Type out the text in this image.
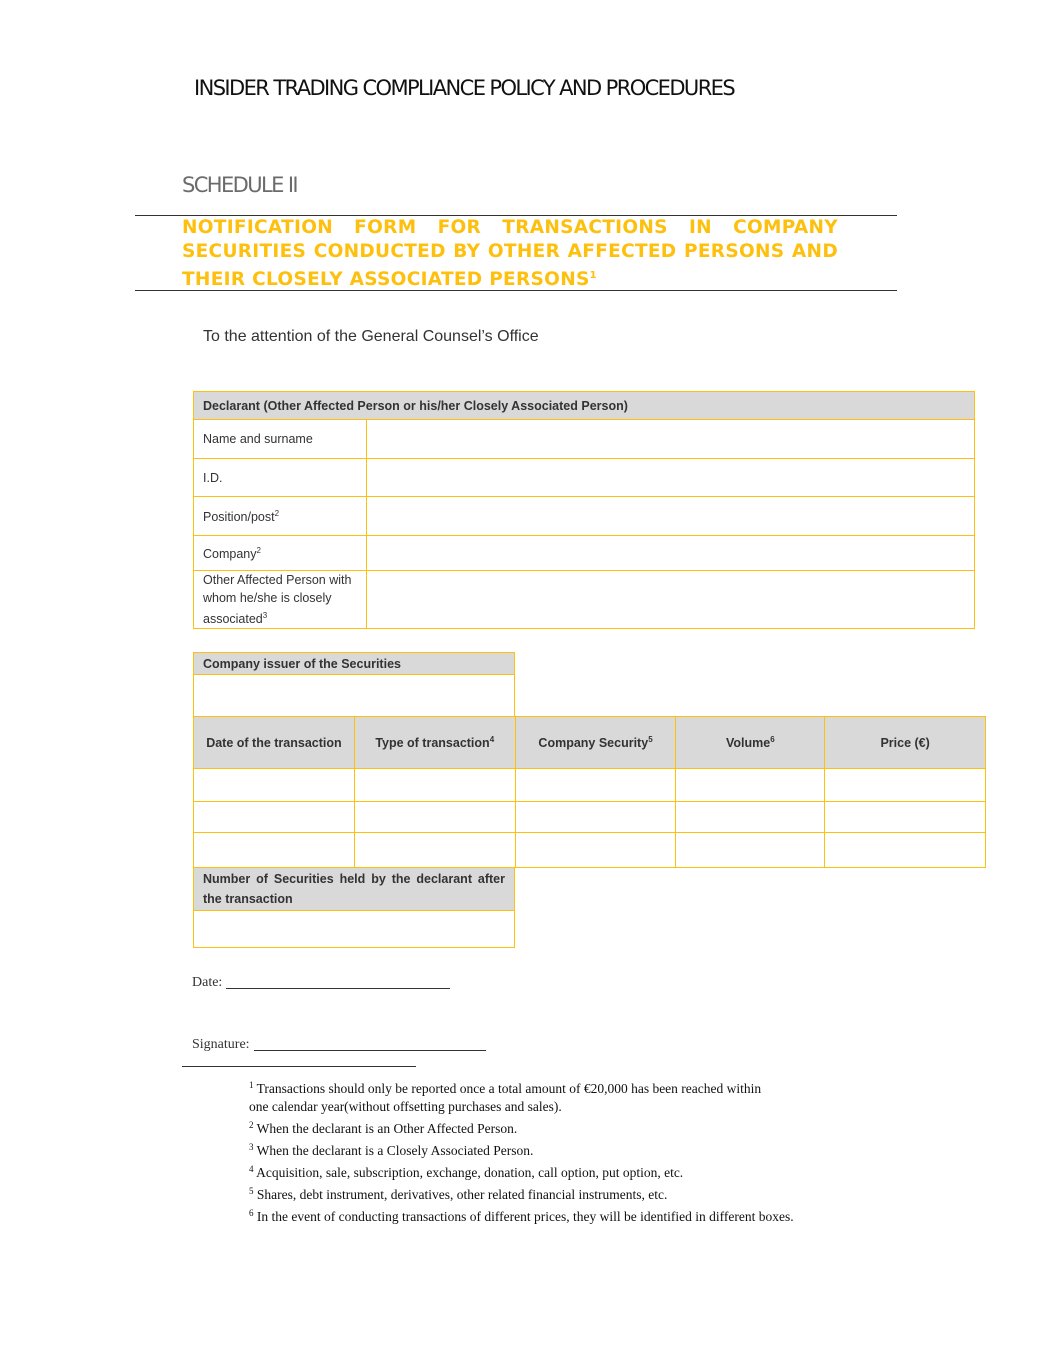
INSIDER TRADING COMPLIANCE POLICY AND PROCEDURES
SCHEDULE II
NOTIFICATION FORM FOR TRANSACTIONS IN COMPANY
SECURITIES CONDUCTED BY OTHER AFFECTED PERSONS AND
THEIR CLOSELY ASSOCIATED PERSONS$^1$
To the attention of the General Counsel’s Office
Declarant (Other Affected Person or his/her Closely Associated Person)	
Name and surname	
I.D.	
Position/post$^2$	
Company$^2$	
Other Affected Person with whom he/she is closely associated$^3$	
Company issuer of the Securities

Date of the transaction	Type of transaction$^4$	Company Security$^5$	Volume$^6$	Price (€)

Number of Securities held by the declarant after the transaction

Date:
Signature:
$^1$ Transactions should only be reported once a total amount of €20,000 has been reached within
one calendar year(without offsetting purchases and sales).
$^2$ When the declarant is an Other Affected Person.
$^3$ When the declarant is a Closely Associated Person.
$^4$ Acquisition, sale, subscription, exchange, donation, call option, put option, etc.
$^5$ Shares, debt instrument, derivatives, other related financial instruments, etc.
$^6$ In the event of conducting transactions of different prices, they will be identified in different boxes.
